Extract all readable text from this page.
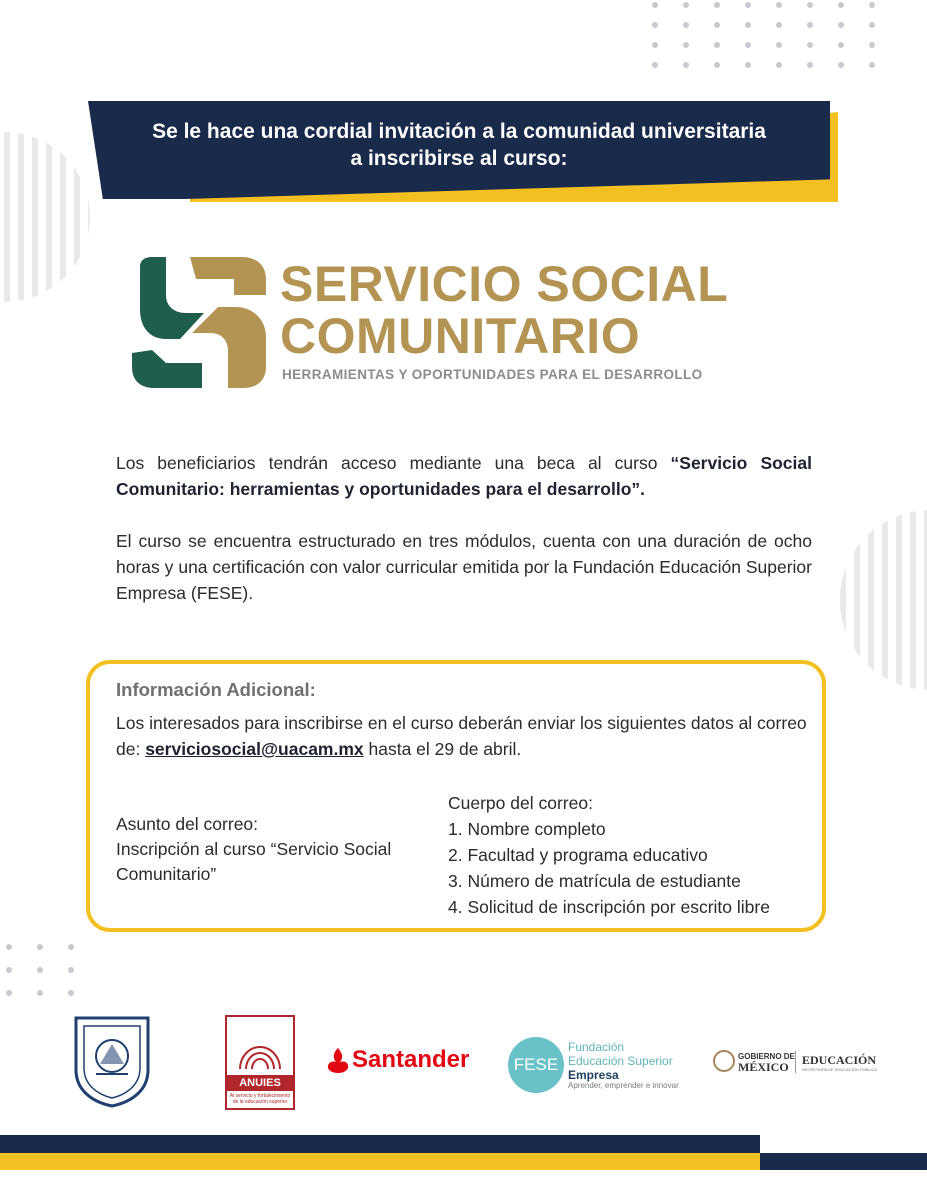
Se le hace una cordial invitación a la comunidad universitaria
a inscribirse al curso:
SERVICIO SOCIAL
COMUNITARIO
HERRAMIENTAS Y OPORTUNIDADES PARA EL DESARROLLO
Los beneficiarios tendrán acceso mediante una beca al curso “Servicio Social Comunitario: herramientas y oportunidades para el desarrollo”.
El curso se encuentra estructurado en tres módulos, cuenta con una duración de ocho horas y una certificación con valor curricular emitida por la Fundación Educación Superior Empresa (FESE).
Información Adicional:
Los interesados para inscribirse en el curso deberán enviar los siguientes datos al correo de: serviciosocial@uacam.mx hasta el 29 de abril.
Asunto del correo:
Inscripción al curso “Servicio Social Comunitario”
Cuerpo del correo:
1. Nombre completo
2. Facultad y programa educativo
3. Número de matrícula de estudiante
4. Solicitud de inscripción por escrito libre
ANUIES
Al servicio y fortalecimiento de la educación superior
Santander	FESE
Fundación
Educación Superior
Empresa
Aprender, emprender e innovar
GOBIERNO DE
MÉXICO EDUCACIÓN
SECRETARÍA DE EDUCACIÓN PÚBLICA
